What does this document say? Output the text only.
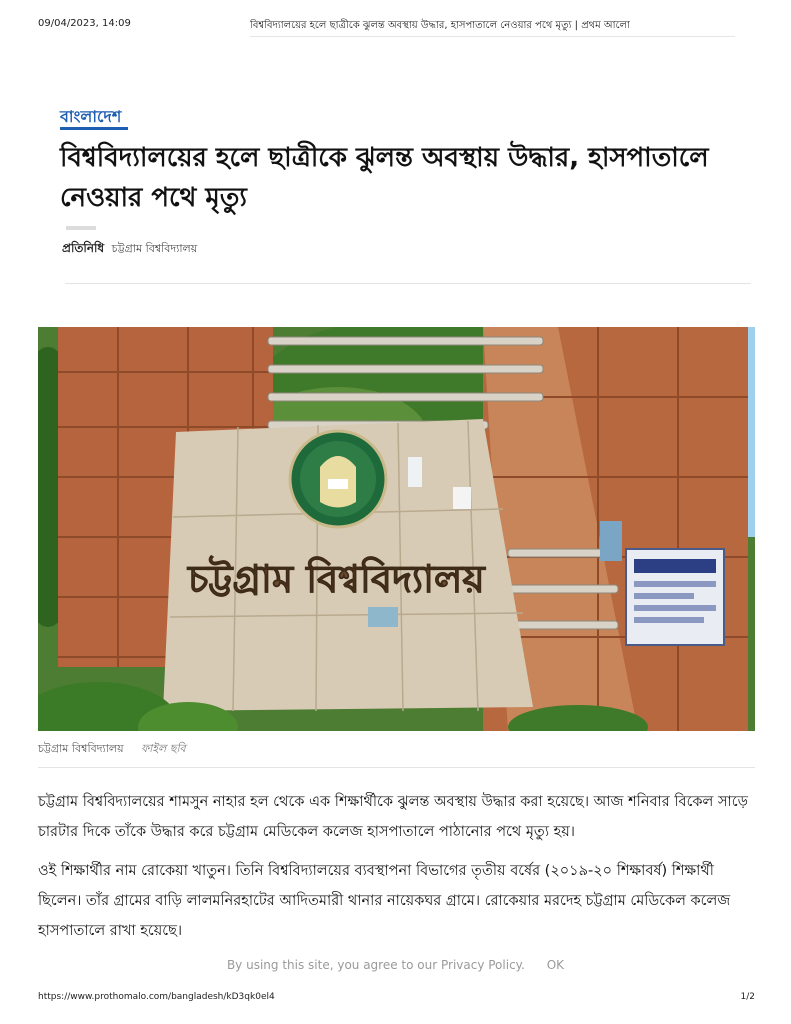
09/04/2023, 14:09	বিশ্ববিদ্যালয়ের হলে ছাত্রীকে ঝুলন্ত অবস্থায় উদ্ধার, হাসপাতালে নেওয়ার পথে মৃত্যু | প্রথম আলো
বাংলাদেশ
বিশ্ববিদ্যালয়ের হলে ছাত্রীকে ঝুলন্ত অবস্থায় উদ্ধার, হাসপাতালে নেওয়ার পথে মৃত্যু
প্রতিনিধি চট্টগ্রাম বিশ্ববিদ্যালয়
চট্টগ্রাম বিশ্ববিদ্যালয়
চট্টগ্রাম বিশ্ববিদ্যালয় ফাইল ছবি

চট্টগ্রাম বিশ্ববিদ্যালয়ের শামসুন নাহার হল থেকে এক শিক্ষার্থীকে ঝুলন্ত অবস্থায় উদ্ধার করা হয়েছে। আজ শনিবার বিকেল সাড়ে চারটার দিকে তাঁকে উদ্ধার করে চট্টগ্রাম মেডিকেল কলেজ হাসপাতালে পাঠানোর পথে মৃত্যু হয়।

ওই শিক্ষার্থীর নাম রোকেয়া খাতুন। তিনি বিশ্ববিদ্যালয়ের ব্যবস্থাপনা বিভাগের তৃতীয় বর্ষের (২০১৯-২০ শিক্ষাবর্ষ) শিক্ষার্থী ছিলেন। তাঁর গ্রামের বাড়ি লালমনিরহাটের আদিতমারী থানার নায়েকঘর গ্রামে। রোকেয়ার মরদেহ চট্টগ্রাম মেডিকেল কলেজ হাসপাতালে রাখা হয়েছে।

By using this site, you agree to our Privacy Policy. OK
https://www.prothomalo.com/bangladesh/kD3qk0el4	1/2
